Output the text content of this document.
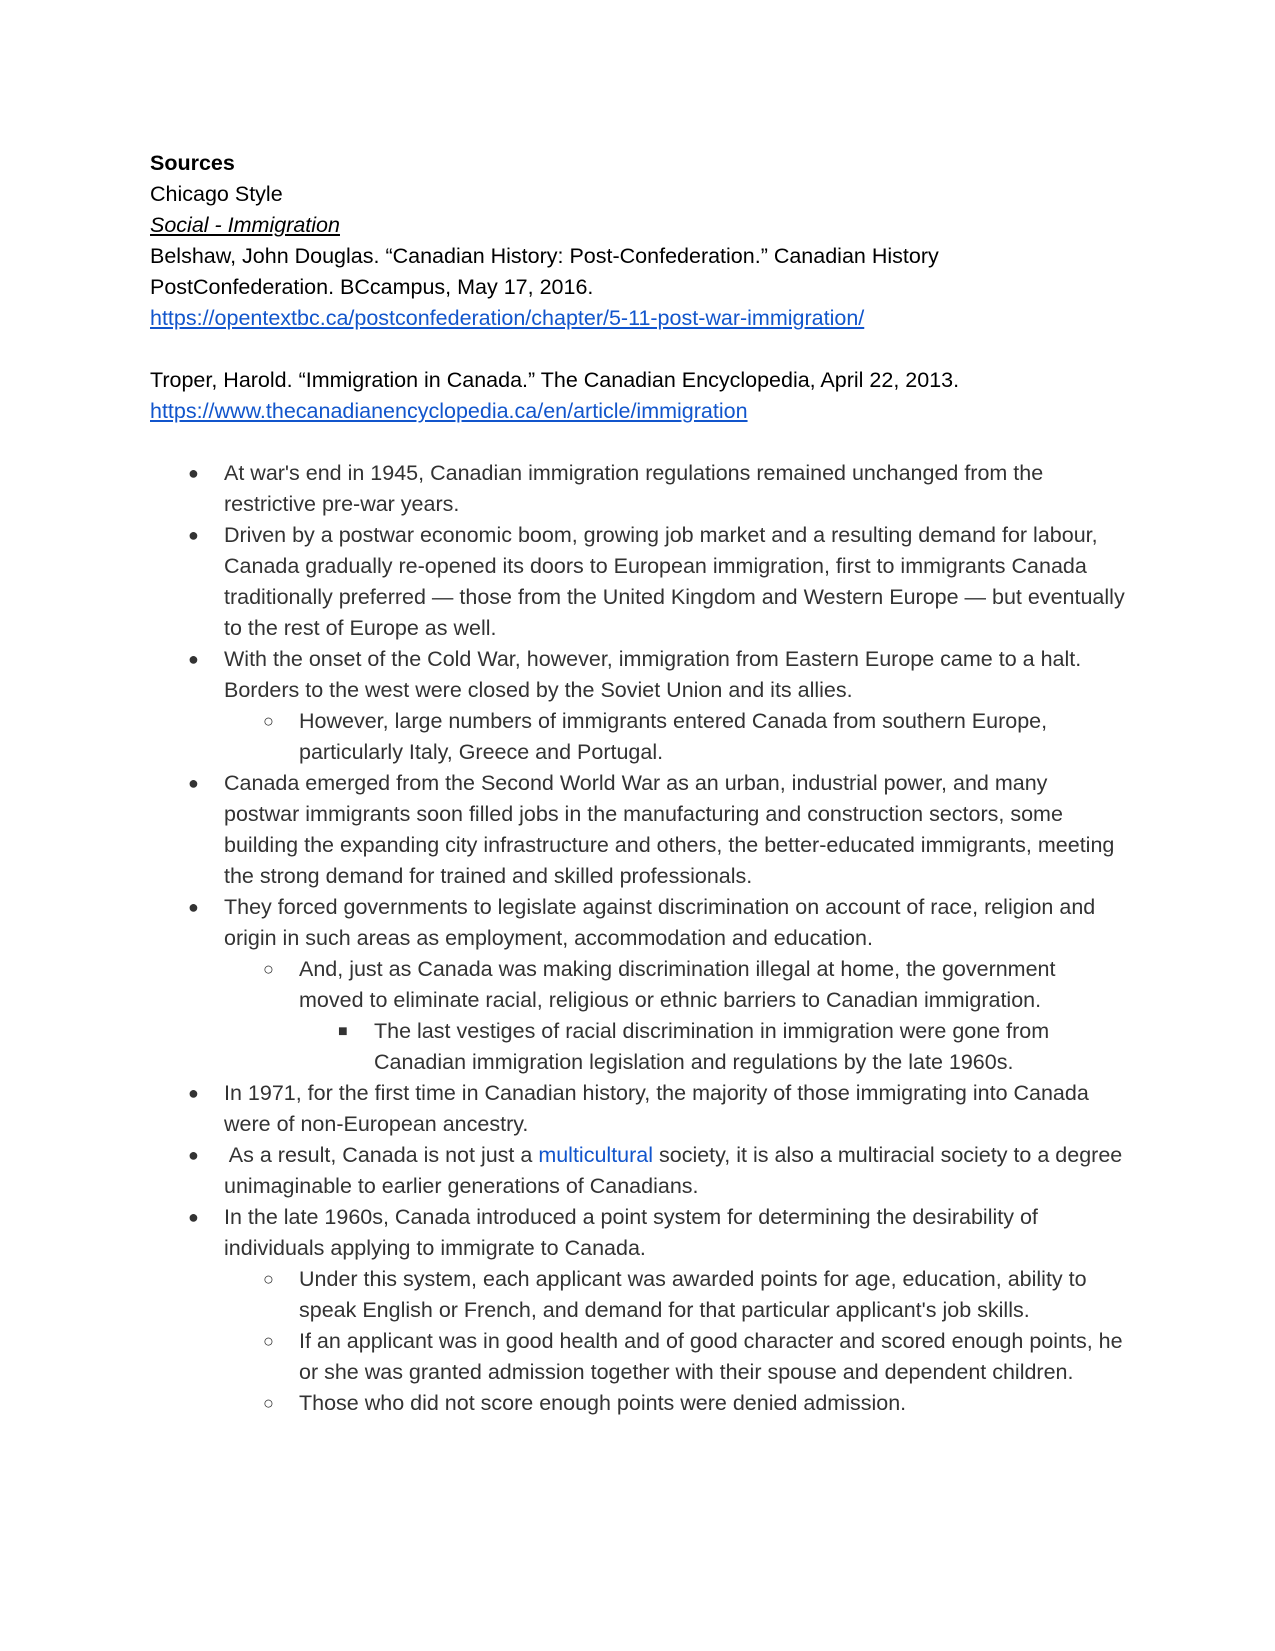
Sources
Chicago Style
Social - Immigration
Belshaw, John Douglas. “Canadian History: Post-Confederation.” Canadian History
PostConfederation. BCcampus, May 17, 2016.
https://opentextbc.ca/postconfederation/chapter/5-11-post-war-immigration/
Troper, Harold. “Immigration in Canada.” The Canadian Encyclopedia, April 22, 2013.
https://www.thecanadianencyclopedia.ca/en/article/immigration
● At war's end in 1945, Canadian immigration regulations remained unchanged from the restrictive pre-war years.
● Driven by a postwar economic boom, growing job market and a resulting demand for labour, Canada gradually re-opened its doors to European immigration, first to immigrants Canada traditionally preferred — those from the United Kingdom and Western Europe — but eventually to the rest of Europe as well.
● With the onset of the Cold War, however, immigration from Eastern Europe came to a halt. Borders to the west were closed by the Soviet Union and its allies.
○ However, large numbers of immigrants entered Canada from southern Europe, particularly Italy, Greece and Portugal.
● Canada emerged from the Second World War as an urban, industrial power, and many postwar immigrants soon filled jobs in the manufacturing and construction sectors, some building the expanding city infrastructure and others, the better-educated immigrants, meeting the strong demand for trained and skilled professionals.
● They forced governments to legislate against discrimination on account of race, religion and origin in such areas as employment, accommodation and education.
○ And, just as Canada was making discrimination illegal at home, the government moved to eliminate racial, religious or ethnic barriers to Canadian immigration.
■ The last vestiges of racial discrimination in immigration were gone from Canadian immigration legislation and regulations by the late 1960s.
● In 1971, for the first time in Canadian history, the majority of those immigrating into Canada were of non-European ancestry.
● As a result, Canada is not just a multicultural society, it is also a multiracial society to a degree unimaginable to earlier generations of Canadians.
● In the late 1960s, Canada introduced a point system for determining the desirability of individuals applying to immigrate to Canada.
○ Under this system, each applicant was awarded points for age, education, ability to speak English or French, and demand for that particular applicant's job skills.
○ If an applicant was in good health and of good character and scored enough points, he or she was granted admission together with their spouse and dependent children.
○ Those who did not score enough points were denied admission.
